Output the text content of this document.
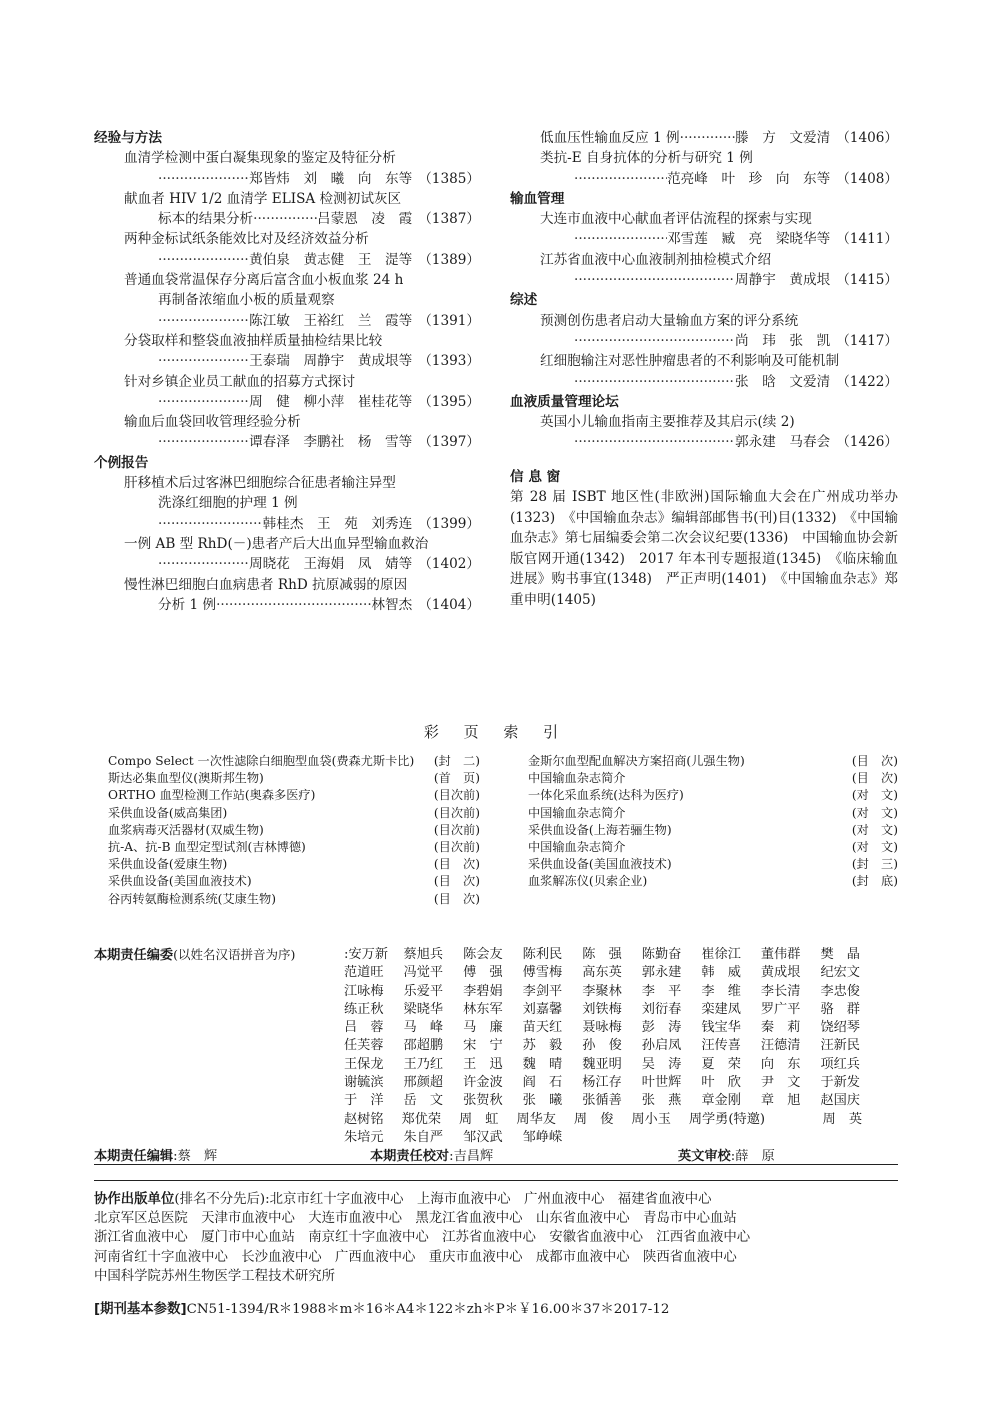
经验与方法
血清学检测中蛋白凝集现象的鉴定及特征分析
·····
郑皆炜　刘　曦　向　东等 （1385）
献血者 HIV 1/2 血清学 ELISA 检测初试灰区
标本的结果分析 ·····	吕蒙恩　凌　霞 （1387）
两种金标试纸条能效比对及经济效益分析
·····
黄伯泉　黄志健　王　湜等 （1389）
普通血袋常温保存分离后富含血小板血浆 24 h
再制备浓缩血小板的质量观察
·····
陈江敏　王裕红　兰　霞等 （1391）
分袋取样和整袋血液抽样质量抽检结果比较
·····
王泰瑞　周静宇　黄成垠等 （1393）
针对乡镇企业员工献血的招募方式探讨
·····
周　健　柳小萍　崔桂花等 （1395）
输血后血袋回收管理经验分析
·····
谭春泽　李鹏社　杨　雪等 （1397）
个例报告
肝移植术后过客淋巴细胞综合征患者输注异型
洗涤红细胞的护理 1 例
·····
韩桂杰　王　苑　刘秀连 （1399）
一例 AB 型 RhD(－)患者产后大出血异型输血救治
·····
周晓花　王海娟　凤　婧等 （1402）
慢性淋巴细胞白血病患者 RhD 抗原减弱的原因
分析 1 例 ·····	林智杰 （1404）
低血压性输血反应 1 例 ·····	滕　方　文爱清 （1406）
类抗-E 自身抗体的分析与研究 1 例
·····
范亮峰　叶　珍　向　东等 （1408）
输血管理
大连市血液中心献血者评估流程的探索与实现
·····
邓雪莲　臧　亮　梁晓华等 （1411）
江苏省血液中心血液制剂抽检模式介绍
·····
周静宇　黄成垠 （1415）
综述
预测创伤患者启动大量输血方案的评分系统
·····
尚　玮　张　凯 （1417）
红细胞输注对恶性肿瘤患者的不利影响及可能机制
·····
张　晗　文爱清 （1422）
血液质量管理论坛
英国小儿输血指南主要推荐及其启示(续 2)
·····
郭永建　马春会 （1426）
信 息 窗
第 28 届 ISBT 地区性(非欧洲)国际输血大会在广州成功举办(1323)　《中国输血杂志》编辑部邮售书(刊)目(1332)　《中国输血杂志》第七届编委会第二次会议纪要(1336)　中国输血协会新版官网开通(1342)　2017 年本刊专题报道(1345)　《临床输血进展》购书事宜(1348)　严正声明(1401)　《中国输血杂志》郑重申明(1405)
彩 页 索 引
Compo Select 一次性滤除白细胞型血袋(费森尤斯卡比) (封　二)
斯达必集血型仪(澳斯邦生物)	(首　页)
ORTHO 血型检测工作站(奥森多医疗)	(目次前)
采供血设备(威高集团)	(目次前)
血浆病毒灭活器材(双威生物)	(目次前)
抗-A、抗-B 血型定型试剂(吉林博德)	(目次前)
采供血设备(爱康生物)	(目　次)
采供血设备(美国血液技术)	(目　次)
谷丙转氨酶检测系统(艾康生物)	(目　次)
金斯尔血型配血解决方案招商(儿强生物)	(目　次)
中国输血杂志简介	(目　次)
一体化采血系统(达科为医疗)	(对　文)
中国输血杂志简介	(对　文)
采供血设备(上海若骊生物)	(对　文)
中国输血杂志简介	(对　文)
采供血设备(美国血液技术)	(封　三)
血浆解冻仪(贝索企业)	(封　底)
本期责任编委(以姓名汉语拼音为序)	:安万新	蔡旭兵	陈会友	陈利民	陈　强	陈勤奋	崔徐江	董伟群	樊　晶
范道旺	冯觉平	傅　强	傅雪梅	高东英	郭永建	韩　威	黄成垠	纪宏文
江咏梅	乐爱平	李碧娟	李剑平	李聚林	李　平	李　维	李长清	李忠俊
练正秋	梁晓华	林东军	刘嘉馨	刘铁梅	刘衍春	栾建凤	罗广平	骆　群
吕　蓉	马　峰	马　廉	苗天红	聂咏梅	彭　涛	钱宝华	秦　莉	饶绍琴
任芙蓉	邵超鹏	宋　宁	苏　毅	孙　俊	孙启凤	汪传喜	汪德清	汪新民
王保龙	王乃红	王　迅	魏　晴	魏亚明	吴　涛	夏　荣	向　东	项红兵
谢毓滨	邢颜超	许金波	阎　石	杨江存	叶世辉	叶　欣	尹　文	于新发
于　洋	岳　文	张贺秋	张　曦	张循善	张　燕	章金刚	章　旭	赵国庆
赵树铭	郑优荣	周　虹	周华友	周　俊	周小玉	周学勇(特邀)	周　英
朱培元	朱自严	邹汉武	邹峥嵘
本期责任编辑:蔡　辉	本期责任校对:吉昌辉	英文审校:薛　原
协作出版单位(排名不分先后):北京市红十字血液中心　上海市血液中心　广州血液中心　福建省血液中心
北京军区总医院　天津市血液中心　大连市血液中心　黑龙江省血液中心　山东省血液中心　青岛市中心血站
浙江省血液中心　厦门市中心血站　南京红十字血液中心　江苏省血液中心　安徽省血液中心　江西省血液中心
河南省红十字血液中心　长沙血液中心　广西血液中心　重庆市血液中心　成都市血液中心　陕西省血液中心
中国科学院苏州生物医学工程技术研究所
[期刊基本参数]CN51-1394/R＊1988＊m＊16＊A4＊122＊zh＊P＊￥16.00＊37＊2017-12
